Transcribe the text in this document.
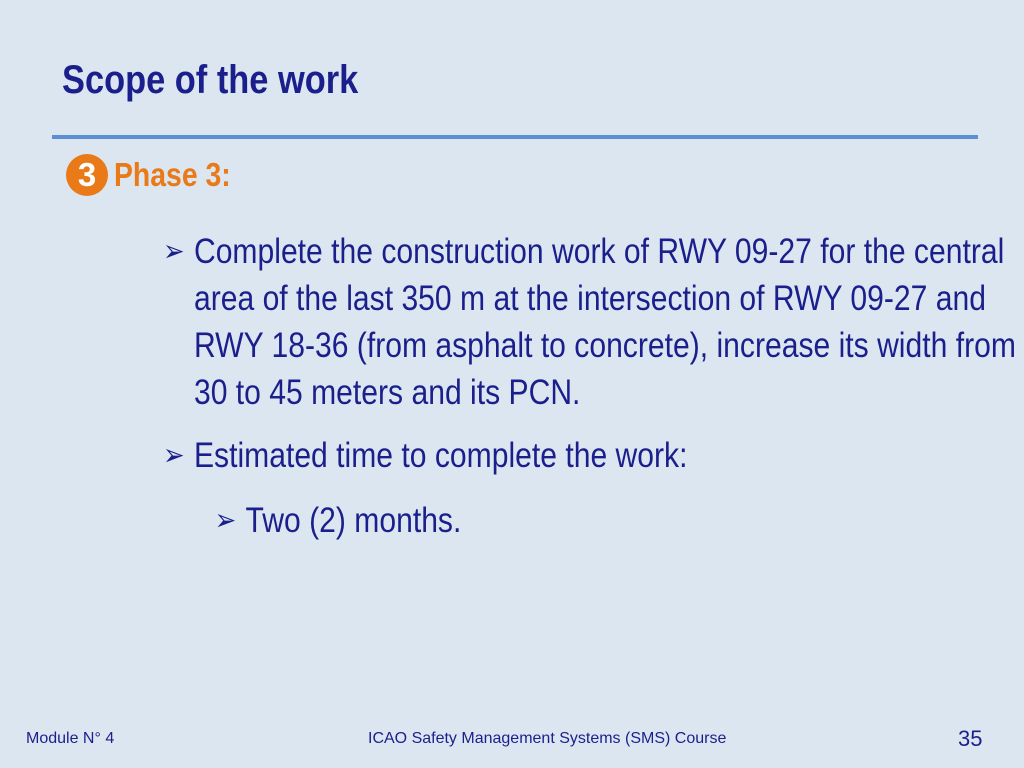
Scope of the work
3 Phase 3:
➢ Complete the construction work of RWY 09-27 for the central area of the last 350 m at the intersection of RWY 09-27 and RWY 18-36 (from asphalt to concrete), increase its width from 30 to 45 meters and its PCN.
➢ Estimated time to complete the work:
➢ Two (2) months.
Module N° 4	ICAO Safety Management Systems (SMS) Course	35
